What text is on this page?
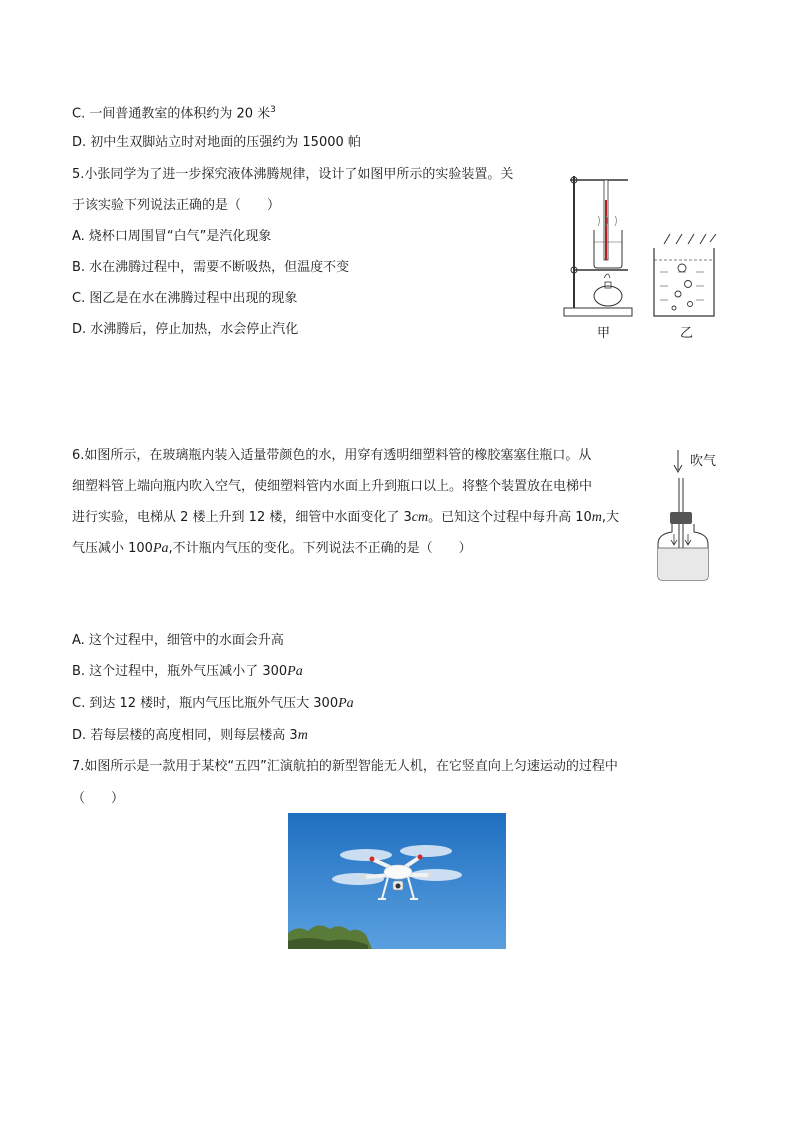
C. 一间普通教室的体积约为 20 米$^3$
D. 初中生双脚站立时对地面的压强约为 15000 帕
5.小张同学为了进一步探究液体沸腾规律，设计了如图甲所示的实验装置。关
于该实验下列说法正确的是（　　）
A. 烧杯口周围冒“白气”是汽化现象
B. 水在沸腾过程中，需要不断吸热，但温度不变
C. 图乙是在水在沸腾过程中出现的现象
D. 水沸腾后，停止加热，水会停止汽化	甲	乙
6.如图所示，在玻璃瓶内装入适量带颜色的水，用穿有透明细塑料管的橡胶塞塞住瓶口。从
细塑料管上端向瓶内吹入空气，使细塑料管内水面上升到瓶口以上。将整个装置放在电梯中
进行实验，电梯从 2 楼上升到 12 楼，细管中水面变化了 3cm。已知这个过程中每升高 10m,大
气压减小 100Pa,不计瓶内气压的变化。下列说法不正确的是（　　）
吹气
A. 这个过程中，细管中的水面会升高
B. 这个过程中，瓶外气压减小了 300Pa
C. 到达 12 楼时，瓶内气压比瓶外气压大 300Pa
D. 若每层楼的高度相同，则每层楼高 3m
7.如图所示是一款用于某校“五四”汇演航拍的新型智能无人机，在它竖直向上匀速运动的过程中
（　　）
